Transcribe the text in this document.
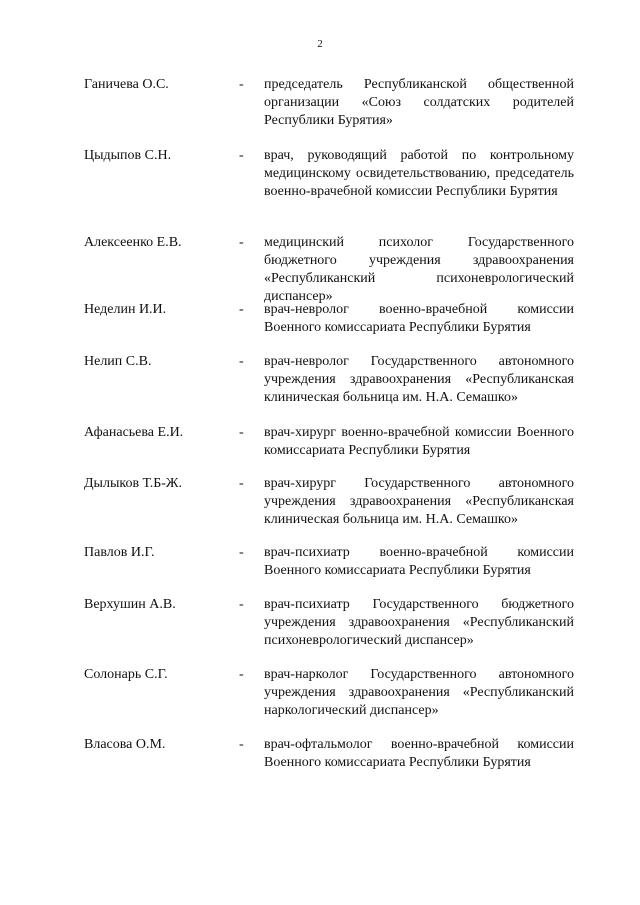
2
Ганичева О.С.	- председатель Республиканской общественной организации «Союз солдатских родителей Республики Бурятия»
Цыдыпов С.Н.	- врач, руководящий работой по контрольному медицинскому освидетельствованию, председатель военно-врачебной комиссии Республики Бурятия
Алексеенко Е.В.	- медицинский психолог Государственного бюджетного учреждения здравоохранения «Республиканский психоневрологический диспансер»
Неделин И.И.	- врач-невролог военно-врачебной комиссии Военного комиссариата Республики Бурятия
Нелип С.В.	- врач-невролог Государственного автономного учреждения здравоохранения «Республиканская клиническая больница им. Н.А. Семашко»
Афанасьева Е.И.	- врач-хирург военно-врачебной комиссии Военного комиссариата Республики Бурятия
Дылыков Т.Б-Ж.	- врач-хирург Государственного автономного учреждения здравоохранения «Республиканская клиническая больница им. Н.А. Семашко»
Павлов И.Г.	- врач-психиатр военно-врачебной комиссии Военного комиссариата Республики Бурятия
Верхушин А.В.	- врач-психиатр Государственного бюджетного учреждения здравоохранения «Республиканский психоневрологический диспансер»
Солонарь С.Г.	- врач-нарколог Государственного автономного учреждения здравоохранения «Республиканский наркологический диспансер»
Власова О.М.	- врач-офтальмолог военно-врачебной комиссии Военного комиссариата Республики Бурятия
